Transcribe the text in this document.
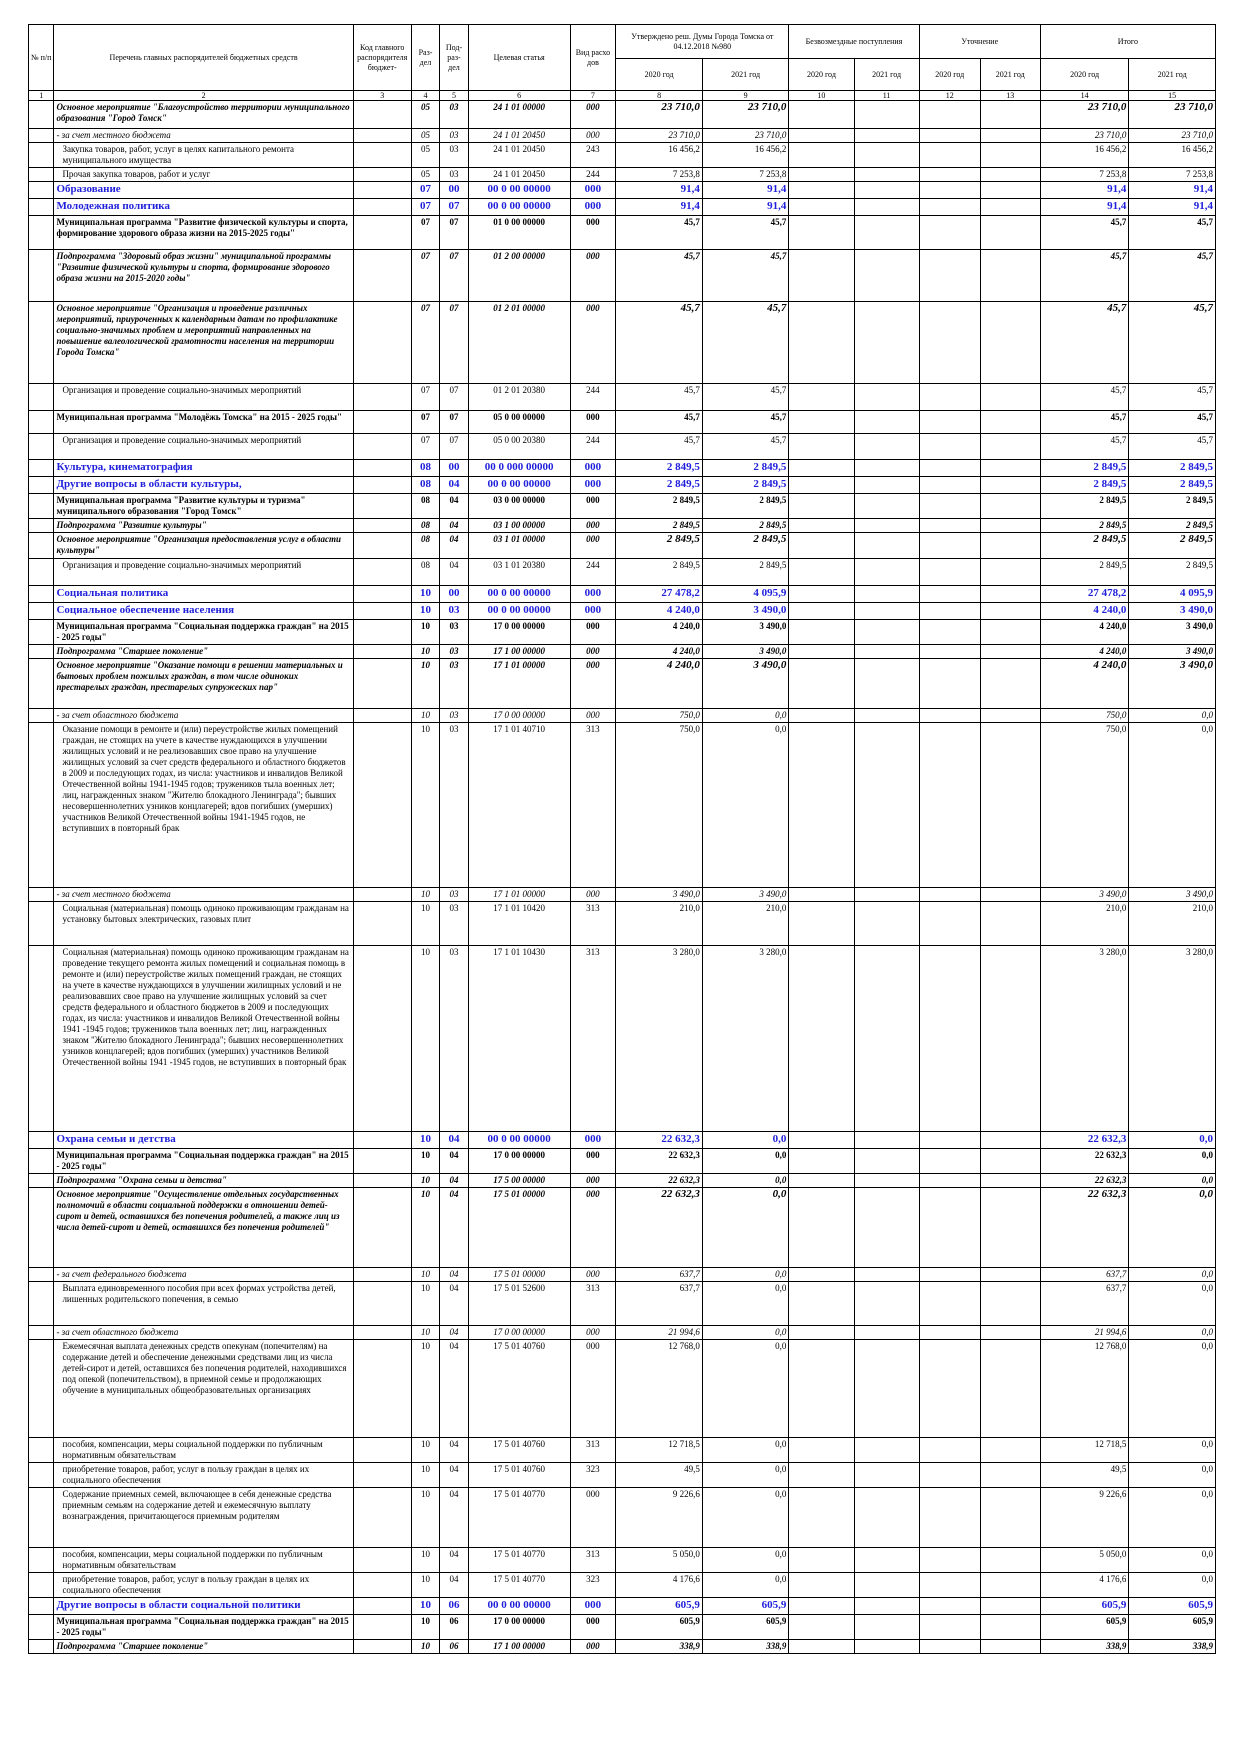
№ п/п	Перечень главных распорядителей бюджетных средств	Код главного распорядителя бюджет-	Раз-дел	Под-раз-дел	Целевая статья	Вид расхо дов	Утверждено реш. Думы Города Томска от 04.12.2018 №980		Безвозмездные поступления		Уточнение		Итого	
							2020 год	2021 год	2020 год	2021 год	2020 год	2021 год	2020 год	2021 год
1	2	3	4	5	6	7	8	9	10	11	12	13	14	15
	Основное мероприятие "Благоустройство территории муниципального образования "Город Томск"		05	03	24 1 01 00000	000	23 710,0	23 710,0					23 710,0	23 710,0
	- за счет местного бюджета		05	03	24 1 01 20450	000	23 710,0	23 710,0					23 710,0	23 710,0
	Закупка товаров, работ, услуг в целях капитального ремонта муниципального имущества		05	03	24 1 01 20450	243	16 456,2	16 456,2					16 456,2	16 456,2
	Прочая закупка товаров, работ и услуг		05	03	24 1 01 20450	244	7 253,8	7 253,8					7 253,8	7 253,8
	Образование		07	00	00 0 00 00000	000	91,4	91,4					91,4	91,4
	Молодежная политика		07	07	00 0 00 00000	000	91,4	91,4					91,4	91,4
	Муниципальная программа "Развитие физической культуры и спорта, формирование здорового образа жизни на 2015-2025 годы"		07	07	01 0 00 00000	000	45,7	45,7					45,7	45,7
	Подпрограмма "Здоровый образ жизни" муниципальной программы "Развитие физической культуры и спорта, формирование здорового образа жизни на 2015-2020 годы"		07	07	01 2 00 00000	000	45,7	45,7					45,7	45,7
	Основное мероприятие "Организация и проведение различных мероприятий, приуроченных к календарным датам по профилактике социально-значимых проблем и мероприятий направленных на повышение валеологической грамотности населения на территории Города Томска"		07	07	01 2 01 00000	000	45,7	45,7					45,7	45,7
	Организация и проведение социально-значимых мероприятий		07	07	01 2 01 20380	244	45,7	45,7					45,7	45,7
	Муниципальная программа "Молодёжь Томска" на 2015 - 2025 годы"		07	07	05 0 00 00000	000	45,7	45,7					45,7	45,7
	Организация и проведение социально-значимых мероприятий		07	07	05 0 00 20380	244	45,7	45,7					45,7	45,7
	Культура, кинематография		08	00	00 0 000 00000	000	2 849,5	2 849,5					2 849,5	2 849,5
	Другие вопросы в области культуры,		08	04	00 0 00 00000	000	2 849,5	2 849,5					2 849,5	2 849,5
	Муниципальная программа "Развитие культуры и туризма" муниципального образования "Город Томск"		08	04	03 0 00 00000	000	2 849,5	2 849,5					2 849,5	2 849,5
	Подпрограмма "Развитие культуры"		08	04	03 1 00 00000	000	2 849,5	2 849,5					2 849,5	2 849,5
	Основное мероприятие "Организация предоставления услуг в области культуры"		08	04	03 1 01 00000	000	2 849,5	2 849,5					2 849,5	2 849,5
	Организация и проведение социально-значимых мероприятий		08	04	03 1 01 20380	244	2 849,5	2 849,5					2 849,5	2 849,5
	Социальная политика		10	00	00 0 00 00000	000	27 478,2	4 095,9					27 478,2	4 095,9
	Социальное обеспечение населения		10	03	00 0 00 00000	000	4 240,0	3 490,0					4 240,0	3 490,0
	Муниципальная программа "Социальная поддержка граждан" на 2015 - 2025 годы"		10	03	17 0 00 00000	000	4 240,0	3 490,0					4 240,0	3 490,0
	Подпрограмма "Старшее поколение"		10	03	17 1 00 00000	000	4 240,0	3 490,0					4 240,0	3 490,0
	Основное мероприятие "Оказание помощи в решении материальных и бытовых проблем пожилых граждан, в том числе одиноких престарелых граждан, престарелых супружеских пар"		10	03	17 1 01 00000	000	4 240,0	3 490,0					4 240,0	3 490,0
	- за счет областного бюджета		10	03	17 0 00 00000	000	750,0	0,0					750,0	0,0
	Оказание помощи в ремонте и (или) переустройстве жилых помещений граждан, не стоящих на учете в качестве нуждающихся в улучшении жилищных условий и не реализовавших свое право на улучшение жилищных условий за счет средств федерального и областного бюджетов в 2009 и последующих годах, из числа: участников и инвалидов Великой Отечественной войны 1941-1945 годов; тружеников тыла военных лет; лиц, награжденных знаком "Жителю блокадного Ленинграда"; бывших несовершеннолетних узников концлагерей; вдов погибших (умерших) участников Великой Отечественной войны 1941-1945 годов, не вступивших в повторный брак		10	03	17 1 01 40710	313	750,0	0,0					750,0	0,0
	- за счет местного бюджета		10	03	17 1 01 00000	000	3 490,0	3 490,0					3 490,0	3 490,0
	Социальная (материальная) помощь одиноко проживающим гражданам на установку бытовых электрических, газовых плит		10	03	17 1 01 10420	313	210,0	210,0					210,0	210,0
	Социальная (материальная) помощь одиноко проживающим гражданам на проведение текущего ремонта жилых помещений и социальная помощь в ремонте и (или) переустройстве жилых помещений граждан, не стоящих на учете в качестве нуждающихся в улучшении жилищных условий и не реализовавших свое право на улучшение жилищных условий за счет средств федерального и областного бюджетов в 2009 и последующих годах, из числа: участников и инвалидов Великой Отечественной войны 1941 -1945 годов; тружеников тыла военных лет; лиц, награжденных знаком "Жителю блокадного Ленинграда"; бывших несовершеннолетних узников концлагерей; вдов погибших (умерших) участников Великой Отечественной войны 1941 -1945 годов, не вступивших в повторный брак		10	03	17 1 01 10430	313	3 280,0	3 280,0					3 280,0	3 280,0
	Охрана семьи и детства		10	04	00 0 00 00000	000	22 632,3	0,0					22 632,3	0,0
	Муниципальная программа "Социальная поддержка граждан" на 2015 - 2025 годы"		10	04	17 0 00 00000	000	22 632,3	0,0					22 632,3	0,0
	Подпрограмма "Охрана семьи и детства"		10	04	17 5 00 00000	000	22 632,3	0,0					22 632,3	0,0
	Основное мероприятие "Осуществление отдельных государственных полномочий в области социальной поддержки в отношении детей-сирот и детей, оставшихся без попечения родителей, а также лиц из числа детей-сирот и детей, оставшихся без попечения родителей"		10	04	17 5 01 00000	000	22 632,3	0,0					22 632,3	0,0
	- за счет федерального бюджета		10	04	17 5 01 00000	000	637,7	0,0					637,7	0,0
	Выплата единовременного пособия при всех формах устройства детей, лишенных родительского попечения, в семью		10	04	17 5 01 52600	313	637,7	0,0					637,7	0,0
	- за счет областного бюджета		10	04	17 0 00 00000	000	21 994,6	0,0					21 994,6	0,0
	Ежемесячная выплата денежных средств опекунам (попечителям) на содержание детей и обеспечение денежными средствами лиц из числа детей-сирот и детей, оставшихся без попечения родителей, находившихся под опекой (попечительством), в приемной семье и продолжающих обучение в муниципальных общеобразовательных организациях		10	04	17 5 01 40760	000	12 768,0	0,0					12 768,0	0,0
	пособия, компенсации, меры социальной поддержки по публичным нормативным обязательствам		10	04	17 5 01 40760	313	12 718,5	0,0					12 718,5	0,0
	приобретение товаров, работ, услуг в пользу граждан в целях их социального обеспечения		10	04	17 5 01 40760	323	49,5	0,0					49,5	0,0
	Содержание приемных семей, включающее в себя денежные средства приемным семьям на содержание детей и ежемесячную выплату вознаграждения, причитающегося приемным родителям		10	04	17 5 01 40770	000	9 226,6	0,0					9 226,6	0,0
	пособия, компенсации, меры социальной поддержки по публичным нормативным обязательствам		10	04	17 5 01 40770	313	5 050,0	0,0					5 050,0	0,0
	приобретение товаров, работ, услуг в пользу граждан в целях их социального обеспечения		10	04	17 5 01 40770	323	4 176,6	0,0					4 176,6	0,0
	Другие вопросы в области социальной политики		10	06	00 0 00 00000	000	605,9	605,9					605,9	605,9
	Муниципальная программа "Социальная поддержка граждан" на 2015 - 2025 годы"		10	06	17 0 00 00000	000	605,9	605,9					605,9	605,9
	Подпрограмма "Старшее поколение"		10	06	17 1 00 00000	000	338,9	338,9					338,9	338,9
